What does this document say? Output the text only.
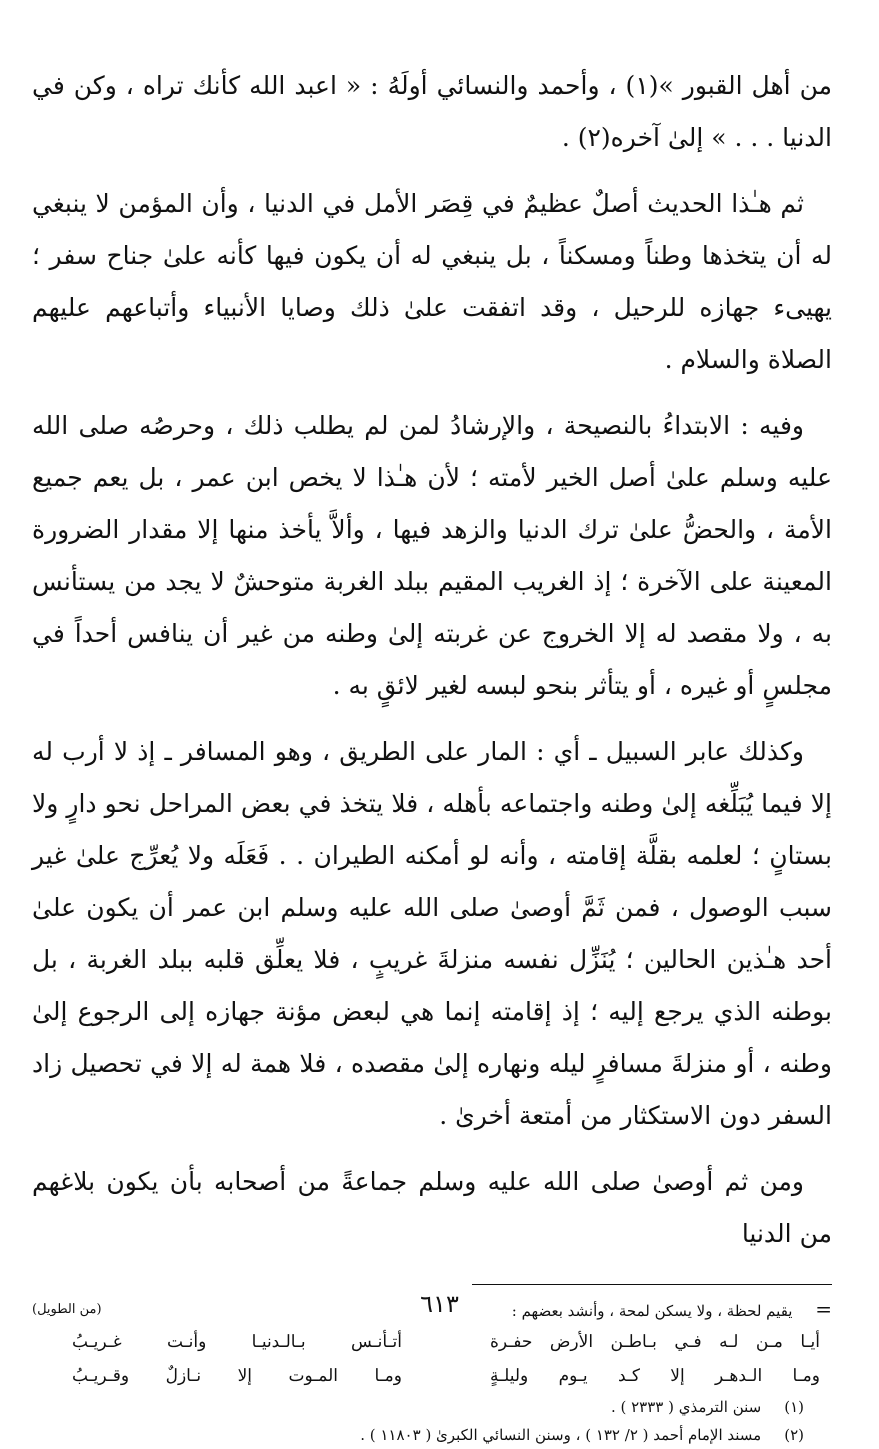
من أهل القبور »(١) ، وأحمد والنسائي أولَهُ : « اعبد الله كأنك تراه ، وكن في الدنيا . . . » إلىٰ آخره(٢) .

ثم هـٰذا الحديث أصلٌ عظيمٌ في قِصَر الأمل في الدنيا ، وأن المؤمن لا ينبغي له أن يتخذها وطناً ومسكناً ، بل ينبغي له أن يكون فيها كأنه علىٰ جناح سفر ؛ يهيىء جهازه للرحيل ، وقد اتفقت علىٰ ذلك وصايا الأنبياء وأتباعهم عليهم الصلاة والسلام .

وفيه : الابتداءُ بالنصيحة ، والإرشادُ لمن لم يطلب ذلك ، وحرصُه صلى الله عليه وسلم علىٰ أصل الخير لأمته ؛ لأن هـٰذا لا يخص ابن عمر ، بل يعم جميع الأمة ، والحضُّ علىٰ ترك الدنيا والزهد فيها ، وألاَّ يأخذ منها إلا مقدار الضرورة المعينة على الآخرة ؛ إذ الغريب المقيم ببلد الغربة متوحشٌ لا يجد من يستأنس به ، ولا مقصد له إلا الخروج عن غربته إلىٰ وطنه من غير أن ينافس أحداً في مجلسٍ أو غيره ، أو يتأثر بنحو لبسه لغير لائقٍ به .

وكذلك عابر السبيل ـ أي : المار على الطريق ، وهو المسافر ـ إذ لا أرب له إلا فيما يُبَلِّغه إلىٰ وطنه واجتماعه بأهله ، فلا يتخذ في بعض المراحل نحو دارٍ ولا بستانٍ ؛ لعلمه بقلَّة إقامته ، وأنه لو أمكنه الطيران . . فَعَلَه ولا يُعرِّج علىٰ غير سبب الوصول ، فمن ثَمَّ أوصىٰ صلى الله عليه وسلم ابن عمر أن يكون علىٰ أحد هـٰذين الحالين ؛ يُنَزِّل نفسه منزلةَ غريبٍ ، فلا يعلِّق قلبه ببلد الغربة ، بل بوطنه الذي يرجع إليه ؛ إذ إقامته إنما هي لبعض مؤنة جهازه إلى الرجوع إلىٰ وطنه ، أو منزلةَ مسافرٍ ليله ونهاره إلىٰ مقصده ، فلا همة له إلا في تحصيل زاد السفر دون الاستكثار من أمتعة أخرىٰ .

ومن ثم أوصىٰ صلى الله عليه وسلم جماعةً من أصحابه بأن يكون بلاغهم من الدنيا

= يقيم لحظة ، ولا يسكن لمحة ، وأنشد بعضهم :
(من الطويل)
أيـا مـن لـه فـي بـاطـن الأرض حفـرة
أتـأنـس بـالـدنيـا وأنـت غـريـبُ
ومـا الـدهـر إلا كـد يـوم وليلـةٍ
ومـا المـوت إلا نـازلٌ وقـريـبُ
(١) سنن الترمذي ( ٢٣٣٣ ) .
(٢) مسند الإمام أحمد ( ٢/ ١٣٢ ) ، وسنن النسائي الكبرىٰ ( ١١٨٠٣ ) .
٦١٣
